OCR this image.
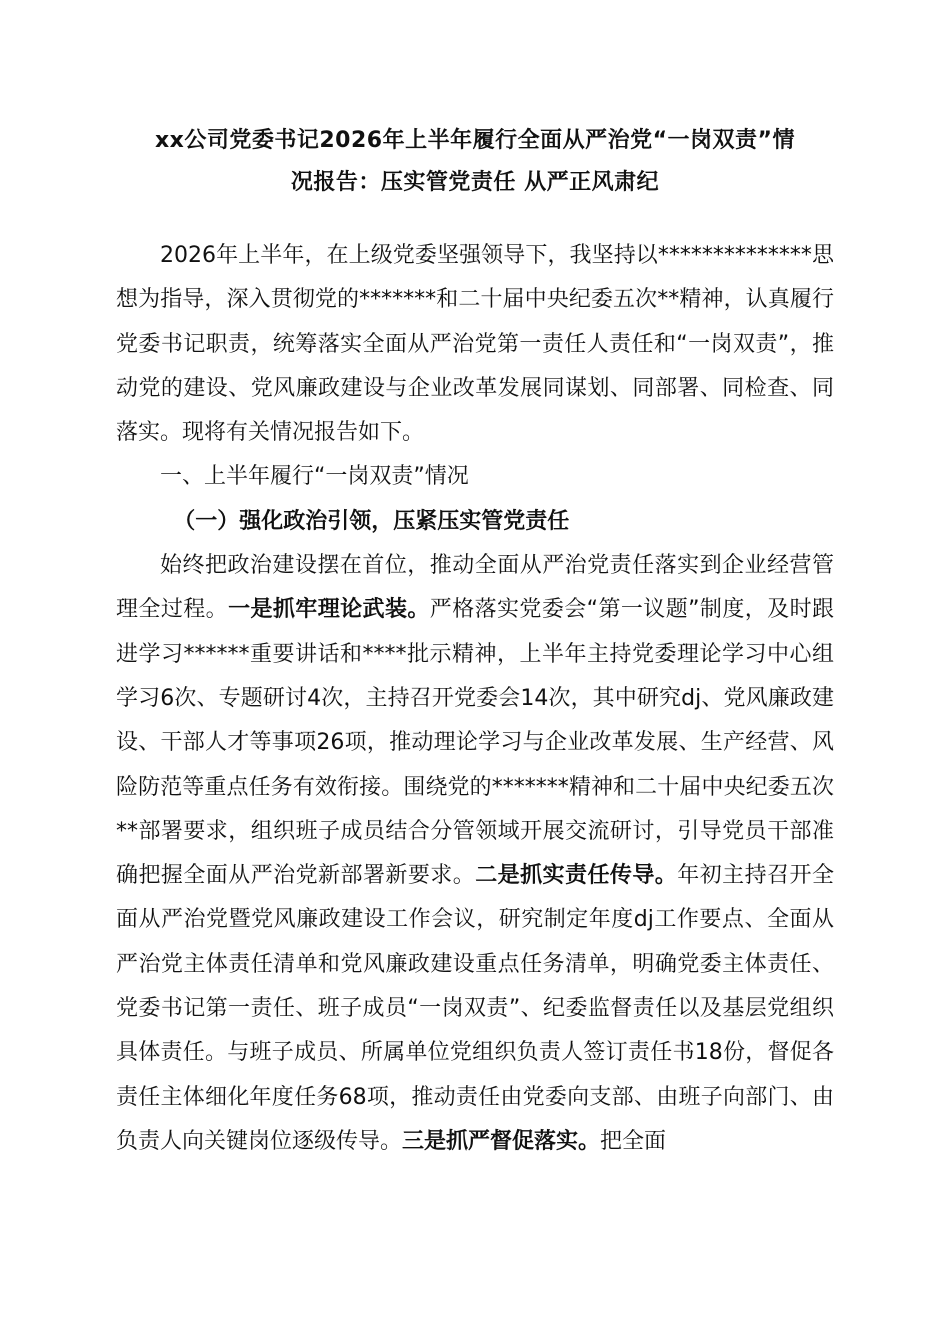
xx公司党委书记2026年上半年履行全面从严治党“一岗双责”情
况报告：压实管党责任 从严正风肃纪

2026年上半年，在上级党委坚强领导下，我坚持以**************思想为指导，深入贯彻党的*******和二十届中央纪委五次**精神，认真履行党委书记职责，统筹落实全面从严治党第一责任人责任和“一岗双责”，推动党的建设、党风廉政建设与企业改革发展同谋划、同部署、同检查、同落实。现将有关情况报告如下。

一、上半年履行“一岗双责”情况

（一）强化政治引领，压紧压实管党责任

始终把政治建设摆在首位，推动全面从严治党责任落实到企业经营管理全过程。一是抓牢理论武装。严格落实党委会“第一议题”制度，及时跟进学习******重要讲话和****批示精神，上半年主持党委理论学习中心组学习6次、专题研讨4次，主持召开党委会14次，其中研究dj、党风廉政建设、干部人才等事项26项，推动理论学习与企业改革发展、生产经营、风险防范等重点任务有效衔接。围绕党的*******精神和二十届中央纪委五次**部署要求，组织班子成员结合分管领域开展交流研讨，引导党员干部准确把握全面从严治党新部署新要求。二是抓实责任传导。年初主持召开全面从严治党暨党风廉政建设工作会议，研究制定年度dj工作要点、全面从严治党主体责任清单和党风廉政建设重点任务清单，明确党委主体责任、党委书记第一责任、班子成员“一岗双责”、纪委监督责任以及基层党组织具体责任。与班子成员、所属单位党组织负责人签订责任书18份，督促各责任主体细化年度任务68项，推动责任由党委向支部、由班子向部门、由负责人向关键岗位逐级传导。三是抓严督促落实。把全面
